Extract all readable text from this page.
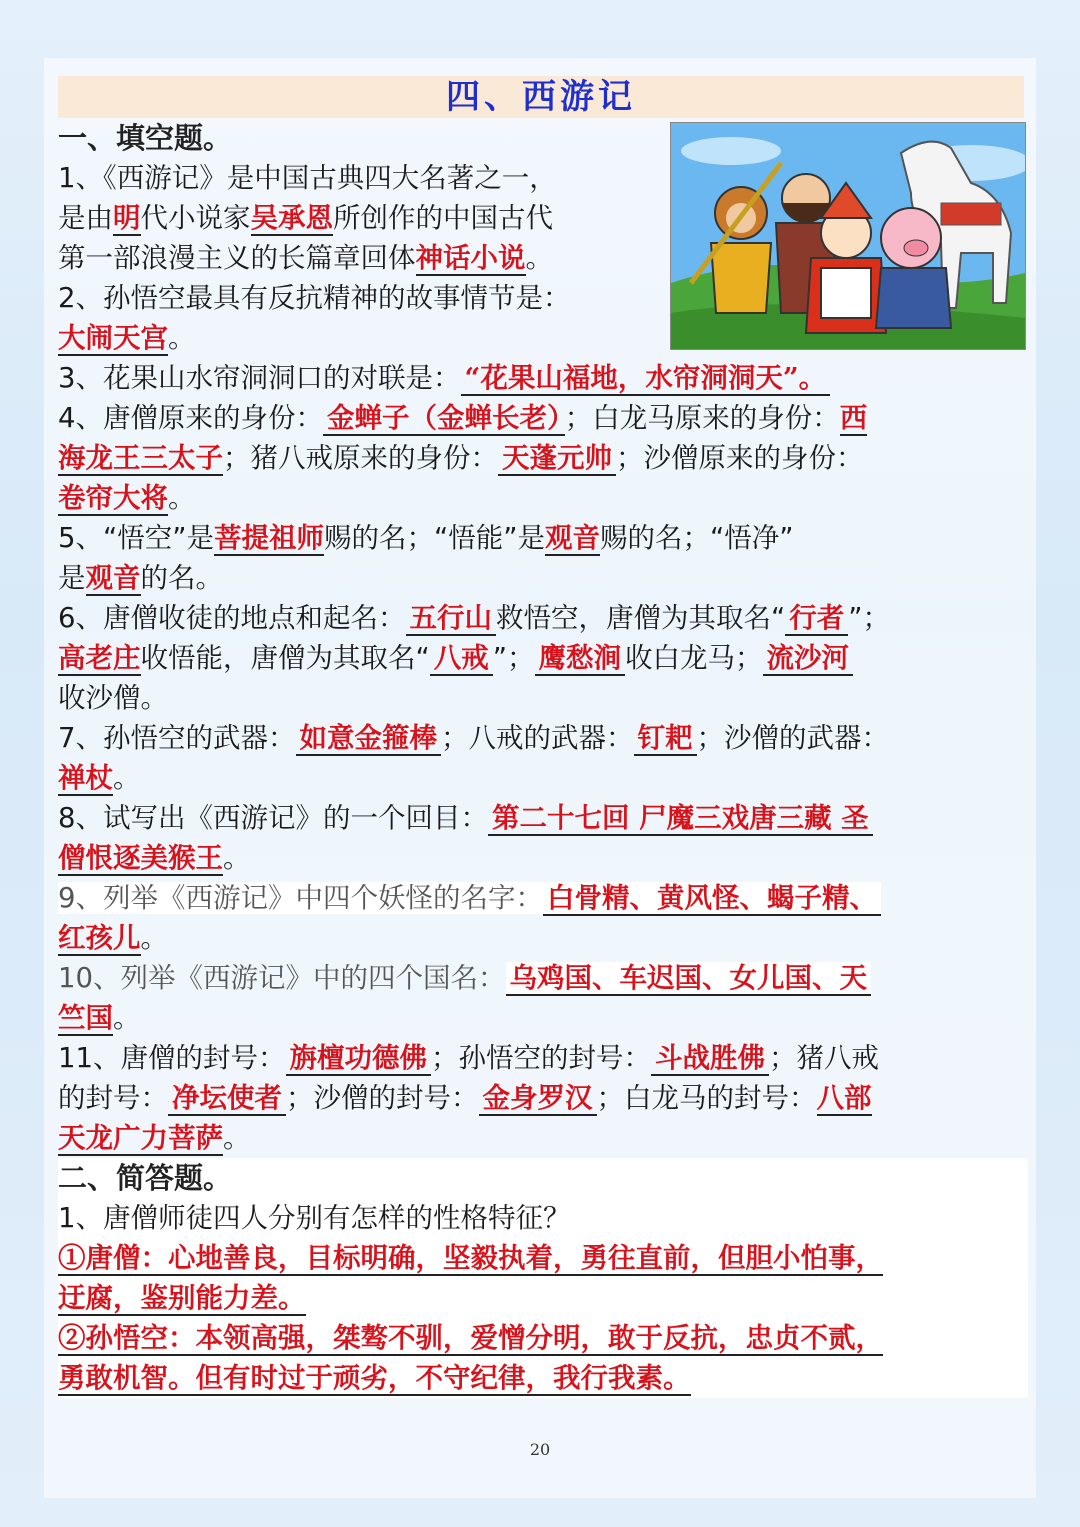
四、西游记
一、填空题。
1、《西游记》是中国古典四大名著之一，
是由明代小说家吴承恩所创作的中国古代
第一部浪漫主义的长篇章回体神话小说。
2、孙悟空最具有反抗精神的故事情节是：
大闹天宫。
3、花果山水帘洞洞口的对联是： “花果山福地，水帘洞洞天”。
4、唐僧原来的身份： 金蝉子（金蝉长老） ；白龙马原来的身份：西
海龙王三太子；猪八戒原来的身份： 天蓬元帅 ；沙僧原来的身份：
卷帘大将。
5、“悟空”是菩提祖师赐的名；“悟能”是观音赐的名；“悟净”
是观音的名。
6、唐僧收徒的地点和起名： 五行山 救悟空，唐僧为其取名“ 行者 ”；
高老庄收悟能，唐僧为其取名“ 八戒 ”； 鹰愁涧 收白龙马； 流沙河
收沙僧。
7、孙悟空的武器： 如意金箍棒 ；八戒的武器： 钉耙 ；沙僧的武器：
禅杖。
8、试写出《西游记》的一个回目： 第二十七回 尸魔三戏唐三藏 圣
僧恨逐美猴王。
9、列举《西游记》中四个妖怪的名字： 白骨精、黄风怪、蝎子精、
红孩儿。
10、列举《西游记》中的四个国名： 乌鸡国、车迟国、女儿国、天
竺国。
11、唐僧的封号： 旃檀功德佛 ；孙悟空的封号： 斗战胜佛 ；猪八戒
的封号： 净坛使者 ；沙僧的封号： 金身罗汉 ；白龙马的封号：八部
天龙广力菩萨。
二、简答题。
1、唐僧师徒四人分别有怎样的性格特征？
①唐僧：心地善良，目标明确，坚毅执着，勇往直前，但胆小怕事，
迂腐，鉴别能力差。
②孙悟空：本领高强，桀骜不驯，爱憎分明，敢于反抗，忠贞不贰，
勇敢机智。但有时过于顽劣，不守纪律，我行我素。
20
